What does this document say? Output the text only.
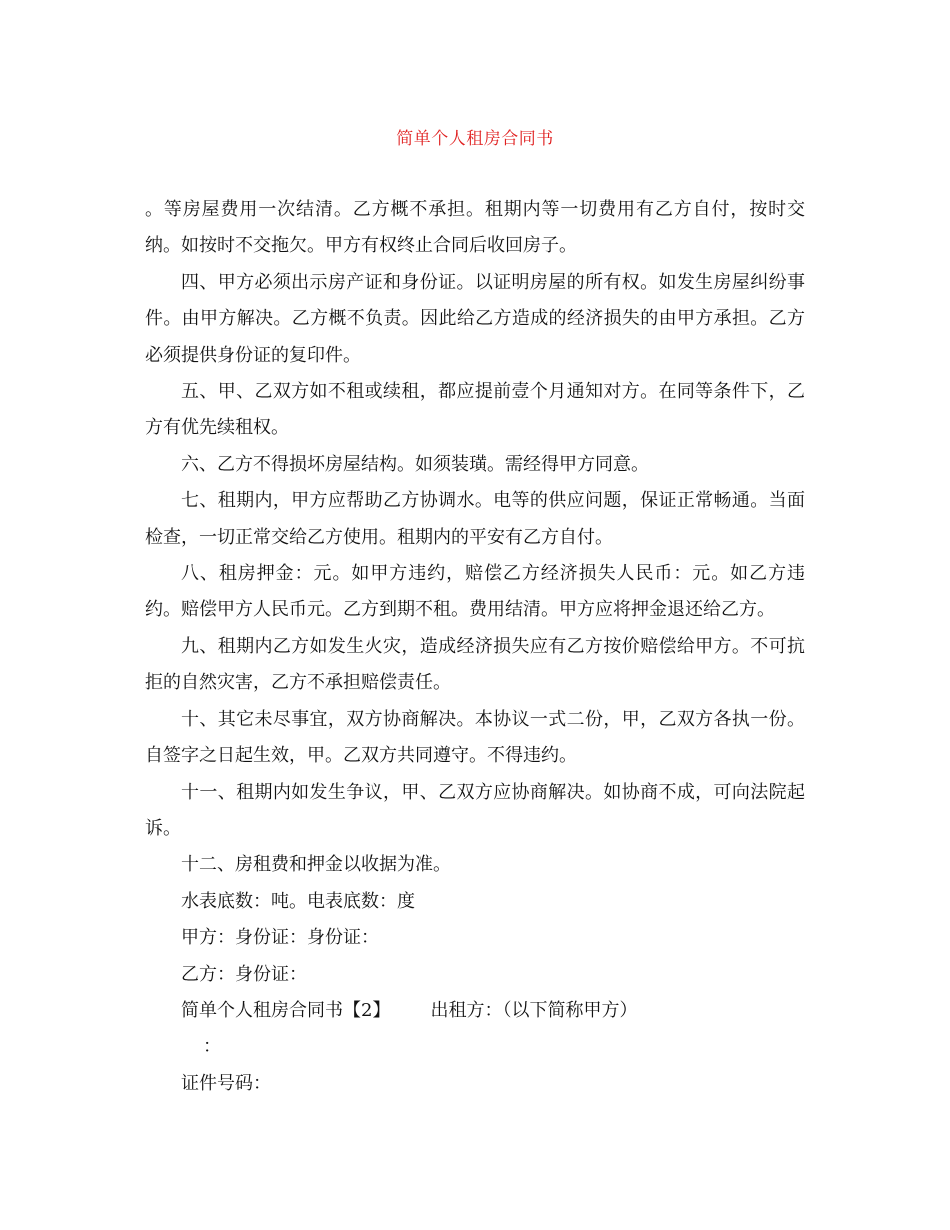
简单个人租房合同书

。等房屋费用一次结清。乙方概不承担。租期内等一切费用有乙方自付，按时交纳。如按时不交拖欠。甲方有权终止合同后收回房子。

四、甲方必须出示房产证和身份证。以证明房屋的所有权。如发生房屋纠纷事件。由甲方解决。乙方概不负责。因此给乙方造成的经济损失的由甲方承担。乙方必须提供身份证的复印件。

五、甲、乙双方如不租或续租，都应提前壹个月通知对方。在同等条件下，乙方有优先续租权。

六、乙方不得损坏房屋结构。如须装璜。需经得甲方同意。

七、租期内，甲方应帮助乙方协调水。电等的供应问题，保证正常畅通。当面检查，一切正常交给乙方使用。租期内的平安有乙方自付。

八、租房押金：元。如甲方违约，赔偿乙方经济损失人民币：元。如乙方违约。赔偿甲方人民币元。乙方到期不租。费用结清。甲方应将押金退还给乙方。

九、租期内乙方如发生火灾，造成经济损失应有乙方按价赔偿给甲方。不可抗拒的自然灾害，乙方不承担赔偿责任。

十、其它未尽事宜，双方协商解决。本协议一式二份，甲，乙双方各执一份。自签字之日起生效，甲。乙双方共同遵守。不得违约。

十一、租期内如发生争议，甲、乙双方应协商解决。如协商不成，可向法院起诉。

十二、房租费和押金以收据为准。

水表底数：吨。电表底数：度

甲方：身份证：身份证：

乙方：身份证：

简单个人租房合同书【2】 出租方：（以下简称甲方）

：

证件号码：
